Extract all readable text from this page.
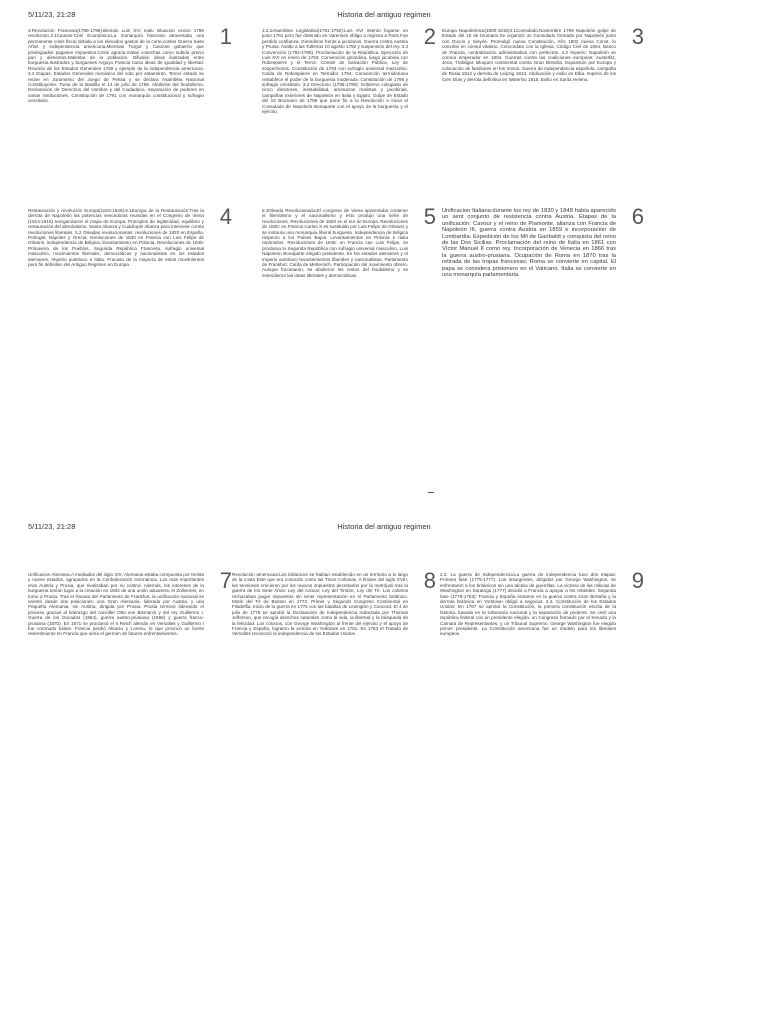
5/11/23, 21:28	Historia del antiguo regimen
1
3.Revolucion Francesa(1789-1799).Bienalo Luis XVI malu situacion econo 1789 revolucion.3.1Causas-Crisi Económica:La monarquía francesa atravesaba una permanente crisis fiscal debida a los elevados gastos de la corte,costes Guerra Siete Años y independencia americana.Mientras Turgot y Calonne gobierno que privilegiados pagasen impuestos.Crisis agraria:malas cosechas como subida precio pan y alimentos.Malestar de la población. Difusión ideas ilustradas entre burguesía.Ilustrados y burgueses Arguyo Francia hacia ideas de igualdad y libertad. Reunión de los Estados Generales 1789 y ejemplo de la independencia americana. 3.2 Etapas: Estados Generales mecánica del voto por estamento. Tercer estado se reúne en Juramento del Juego de Pelota y se declara Asamblea Nacional Constituyente. Toma de la Bastilla el 14 de julio de 1789. Abolición del feudalismo, Declaración de Derechos del Hombre y del Ciudadano. Separación de poderes en varias instituciones. Constitución de 1791 con monarquía constitucional y sufragio censitario.
2
3.2.2Asamblea Legislativa(1791-1792):Luis XVI intento fugarse en junio 1791 pero fue detenido en Varennes obligo a regresa a Paris.Fue perdido confianza. Girondinos frente a jacobinos. Guerra contra Austria y Prusia. Asalto a las Tullerías 10 agosto 1792 y suspensión del rey. 3.3 Convención (1792-1795): Proclamación de la República. Ejecución de Luis XVI en enero de 1793. Convención girondina, luego jacobina con Robespierre y el Terror. Comité de Salvación Pública, Ley de sospechosos, Constitución de 1793 con sufragio universal masculino. Caída de Robespierre en Termidor 1794. Convención termidoriana restablece el poder de la burguesía moderada. Constitución de 1795 y sufragio censitario. 3.4 Directorio (1795-1799): Gobierno colegiado de cinco directores, inestabilidad, amenazas realistas y jacobinas, campañas exteriores de Napoleón en Italia y Egipto. Golpe de Estado del 18 Brumario de 1799 que pone fin a la Revolución e inicia el Consulado de Napoleón Bonaparte con el apoyo de la burguesía y el ejército.
3
Europa Napoleónica(1800-1815)4.1Consulado.Noviembre 1799 Napoleón golpe de Estado del 18 de brumario.Se organizó un Consulado formado por Napoleón junto con Ducos y Sieyès. Promulgó nueva Constitución, Año 1802 nueva Const. lo convirtió en cónsul vitalicio. Concordato con la Iglesia, Código Civil de 1804, Banco de Francia, centralización administrativa con prefectos. 4.2 Imperio: Napoleón se corona emperador en 1804. Guerras contra las coaliciones europeas: Austerlitz, Jena, Trafalgar. Bloqueo continental contra Gran Bretaña. Expansión por Europa y colocación de familiares en los tronos. Guerra de Independencia española, campaña de Rusia 1812 y derrota de Leipzig 1813. Abdicación y exilio en Elba. Imperio de los Cien Días y derrota definitiva en Waterloo 1815. Exilio en Santa Helena.
4
Restauración y revolución Europa(1815-1848).5.1Europa de la Restauración:Tras la derrota de Napoleón las potencias vencedoras reunidas en el Congreso de Viena (1814-1815) reorganizaron el mapa de Europa. Principios de legitimidad, equilibrio y restauración del absolutismo. Santa Alianza y Cuádruple Alianza para intervenir contra revoluciones liberales. 5.2 Oleadas revolucionarias: revoluciones de 1820 en España, Portugal, Nápoles y Grecia; revoluciones de 1830 en Francia con Luis Felipe de Orleans, independencia de Bélgica, levantamiento en Polonia. Revoluciones de 1848: Primavera de los Pueblos, Segunda República Francesa, sufragio universal masculino, movimientos liberales, democráticos y nacionalistas en los estados alemanes, Imperio austriaco e Italia. Fracaso de la mayoría de estos movimientos pero fin definitivo del Antiguo Régimen en Europa.
5
5.3Oleada Revolucionaria:El congreso de Viena aparentaba contener el liberalismo y el nacionalismo y esto produjo una serie de revoluciones. Revoluciones de 1820 en el sur de Europa. Revoluciones de 1830: en Francia Carlos X es sustituido por Luis Felipe de Orleans y se instaura una monarquía liberal burguesa. Independencia de Bélgica respecto a los Países Bajos. Levantamientos en Polonia e Italia reprimidos. Revoluciones de 1848: en Francia cae Luis Felipe, se proclama la Segunda República con sufragio universal masculino, Luis Napoleón Bonaparte elegido presidente. En los estados alemanes y el Imperio austriaco levantamientos liberales y nacionalistas, Parlamento de Frankfurt. Caída de Metternich. Participación del movimiento obrero. Aunque fracasaron, se abolieron los restos del feudalismo y se extendieron las ideas liberales y democráticas.
6
Unificacion Italiana:durante los rey de 1830 y 1848 habia aparecido un sent conjunto de resistencia contra Austria. Etapas de la unificación: Cavour y el reino de Piamonte, alianza con Francia de Napoleón III, guerra contra Austria en 1859 e incorporación de Lombardía. Expedición de los Mil de Garibaldi y conquista del reino de las Dos Sicilias. Proclamación del reino de Italia en 1861 con Víctor Manuel II como rey. Incorporación de Venecia en 1866 tras la guerra austro-prusiana. Ocupación de Roma en 1870 tras la retirada de las tropas francesas; Roma se convierte en capital. El papa se considera prisionero en el Vaticano. Italia se convierte en una monarquía parlamentaria.
5/11/23, 21:28	Historia del antiguo regimen
7
Unificacion Alemana.A mediados del siglo XIX, Alemania estaba compuesta por treinta y nueve estados, agrupados en la Confederación Germánica. Los más importantes eran Austria y Prusia, que rivalizaban por su control. Además, los intereses de la burguesía tenían lugar a la creación en 1834 de una unión aduanera, el Zollverein, en torno a Prusia. Tras el fracaso del Parlamento de Frankfurt, la unificación nacional se orientó desde dos posiciones: una Gran Alemania, liderada por Austria, y una Pequeña Alemania, sin Austria, dirigida por Prusia. Prusia terminó liderando el proceso gracias al liderazgo del canciller Otto von Bismarck y del rey Guillermo I. Guerra de los Ducados (1864), guerra austro-prusiana (1866) y guerra franco-prusiana (1870). En 1871 se proclamó el II Reich alemán en Versalles y Guillermo I fue coronado káiser. Francia perdió Alsacia y Lorena, lo que provocó un fuerte resentimiento en Francia que sería el germen de futuros enfrentamientos.
8
Revolución americana:Los británicos se habían establecido en un territorio a lo largo de la costa Este que era conocido como las Trece Colonias. A finales del siglo XVIII, las tensiones crecieron por los nuevos impuestos decretados por la metrópoli tras la guerra de los Siete Años: Ley del Azúcar, Ley del Timbre, Ley del Té. Los colonos rechazaban pagar impuestos sin tener representación en el Parlamento británico. Motín del Té de Boston en 1773. Primer y Segundo Congreso Continental en Filadelfia. Inicio de la guerra en 1775 con las batallas de Lexington y Concord. El 4 de julio de 1776 se aprobó la Declaración de Independencia redactada por Thomas Jefferson, que recogía derechos naturales como la vida, la libertad y la búsqueda de la felicidad. Los colonos, con George Washington al frente del ejército y el apoyo de Francia y España, lograron la victoria en Yorktown en 1781. En 1783 el Tratado de Versalles reconoció la independencia de los Estados Unidos.
9
2.3. La guerra de Independencia:La guerra de independencia tuvo dos etapas: Primera fase (1775-1777). Los insurgentes, dirigidos por George Washington, se enfrentaron a los británicos sin una táctica de guerrillas. La victoria de las milicias de Washington en Saratoga (1777) decidió a Francia a apoyar a los rebeldes. Segunda fase (1778-1783): Francia y España entraron en la guerra contra Gran Bretaña y la derrota británica en Yorktown obligó a negociar. 2.4. Constitución de los Estados Unidos: En 1787 se aprobó la Constitución, la primera constitución escrita de la historia, basada en la soberanía nacional y la separación de poderes. Se creó una república federal con un presidente elegido, un Congreso formado por el Senado y la Cámara de Representantes, y un Tribunal Supremo. George Washington fue elegido primer presidente. La Constitución americana fue un modelo para los liberales europeos.
